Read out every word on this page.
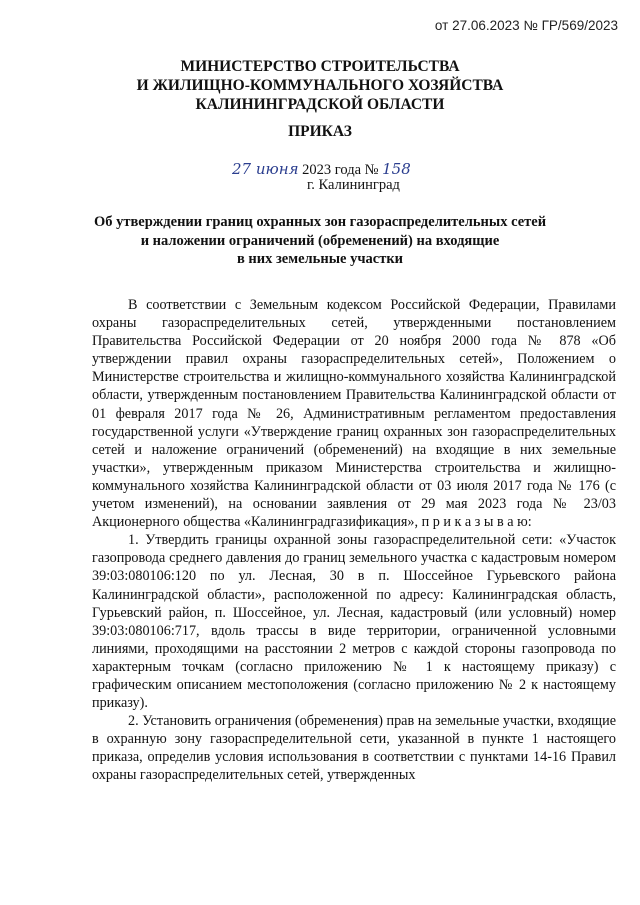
от 27.06.2023 № ГР/569/2023
МИНИСТЕРСТВО СТРОИТЕЛЬСТВА
И ЖИЛИЩНО-КОММУНАЛЬНОГО ХОЗЯЙСТВА
КАЛИНИНГРАДСКОЙ ОБЛАСТИ
ПРИКАЗ
27 июня 2023 года № 158
г. Калининград
Об утверждении границ охранных зон газораспределительных сетей
и наложении ограничений (обременений) на входящие
в них земельные участки

В соответствии с Земельным кодексом Российской Федерации, Правилами охраны газораспределительных сетей, утвержденными постановлением Правительства Российской Федерации от 20 ноября 2000 года № 878 «Об утверждении правил охраны газораспределительных сетей», Положением о Министерстве строительства и жилищно-коммунального хозяйства Калининградской области, утвержденным постановлением Правительства Калининградской области от 01 февраля 2017 года № 26, Административным регламентом предоставления государственной услуги «Утверждение границ охранных зон газораспределительных сетей и наложение ограничений (обременений) на входящие в них земельные участки», утвержденным приказом Министерства строительства и жилищно-коммунального хозяйства Калининградской области от 03 июля 2017 года № 176 (с учетом изменений), на основании заявления от 29 мая 2023 года № 23/03 Акционерного общества «Калининградгазификация», п р и к а з ы в а ю:

1. Утвердить границы охранной зоны газораспределительной сети: «Участок газопровода среднего давления до границ земельного участка с кадастровым номером 39:03:080106:120 по ул. Лесная, 30 в п. Шоссейное Гурьевского района Калининградской области», расположенной по адресу: Калининградская область, Гурьевский район, п. Шоссейное, ул. Лесная, кадастровый (или условный) номер 39:03:080106:717, вдоль трассы в виде территории, ограниченной условными линиями, проходящими на расстоянии 2 метров с каждой стороны газопровода по характерным точкам (согласно приложению № 1 к настоящему приказу) с графическим описанием местоположения (согласно приложению № 2 к настоящему приказу).

2. Установить ограничения (обременения) прав на земельные участки, входящие в охранную зону газораспределительной сети, указанной в пункте 1 настоящего приказа, определив условия использования в соответствии с пунктами 14-16 Правил охраны газораспределительных сетей, утвержденных
